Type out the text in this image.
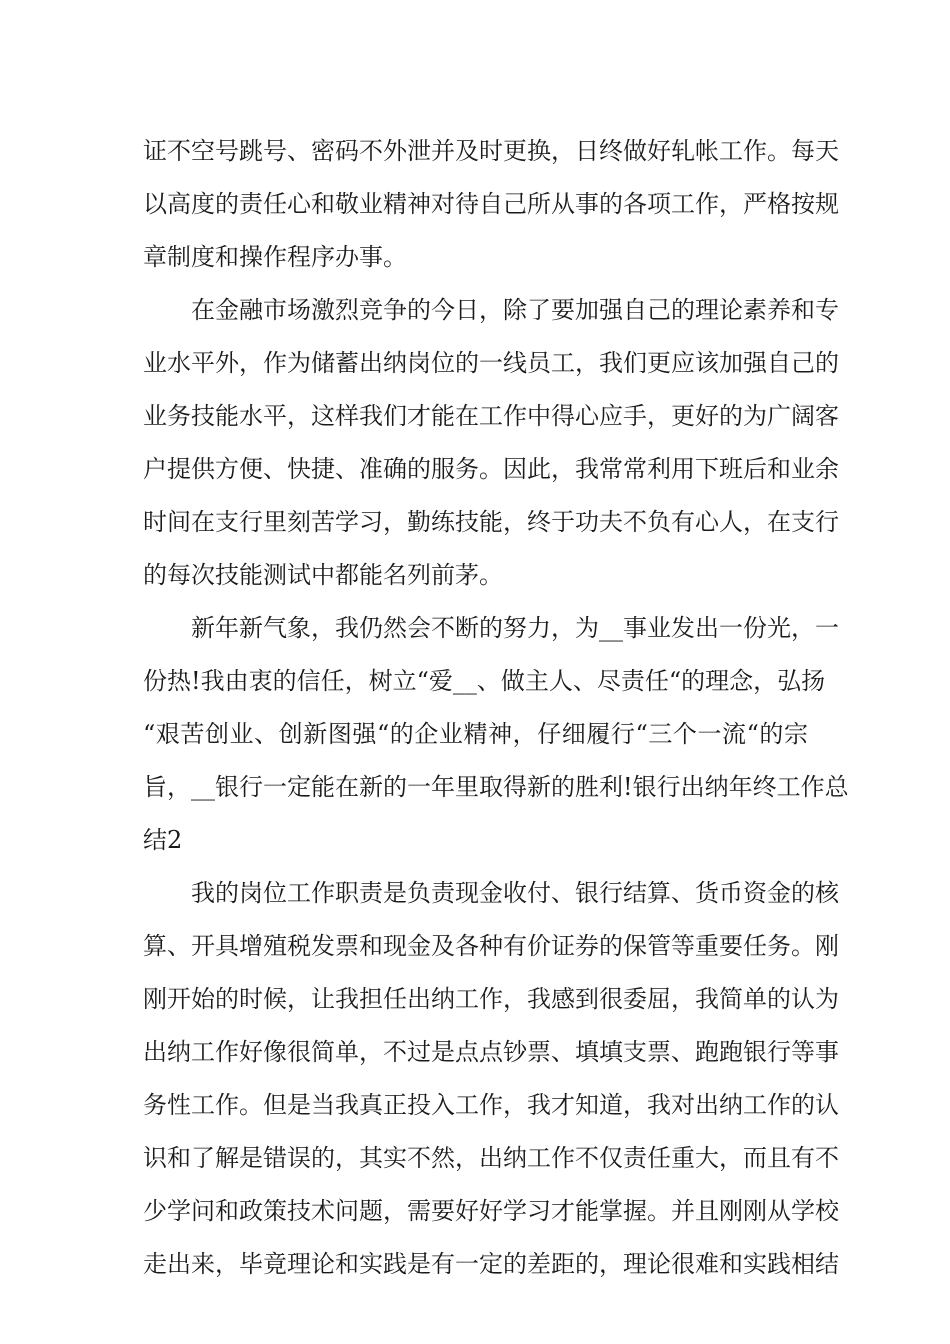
证不空号跳号、密码不外泄并及时更换，日终做好轧帐工作。每天
以高度的责任心和敬业精神对待自己所从事的各项工作，严格按规
章制度和操作程序办事。
在金融市场激烈竞争的今日，除了要加强自己的理论素养和专
业水平外，作为储蓄出纳岗位的一线员工，我们更应该加强自己的
业务技能水平，这样我们才能在工作中得心应手，更好的为广阔客
户提供方便、快捷、准确的服务。因此，我常常利用下班后和业余
时间在支行里刻苦学习，勤练技能，终于功夫不负有心人，在支行
的每次技能测试中都能名列前茅。
新年新气象，我仍然会不断的努力，为__事业发出一份光，一
份热!我由衷的信任，树立“爱__、做主人、尽责任“的理念，弘扬
“艰苦创业、创新图强“的企业精神，仔细履行“三个一流“的宗
旨，__银行一定能在新的一年里取得新的胜利!银行出纳年终工作总
结2
我的岗位工作职责是负责现金收付、银行结算、货币资金的核
算、开具增殖税发票和现金及各种有价证券的保管等重要任务。刚
刚开始的时候，让我担任出纳工作，我感到很委屈，我简单的认为
出纳工作好像很简单，不过是点点钞票、填填支票、跑跑银行等事
务性工作。但是当我真正投入工作，我才知道，我对出纳工作的认
识和了解是错误的，其实不然，出纳工作不仅责任重大，而且有不
少学问和政策技术问题，需要好好学习才能掌握。并且刚刚从学校
走出来，毕竟理论和实践是有一定的差距的，理论很难和实践相结
